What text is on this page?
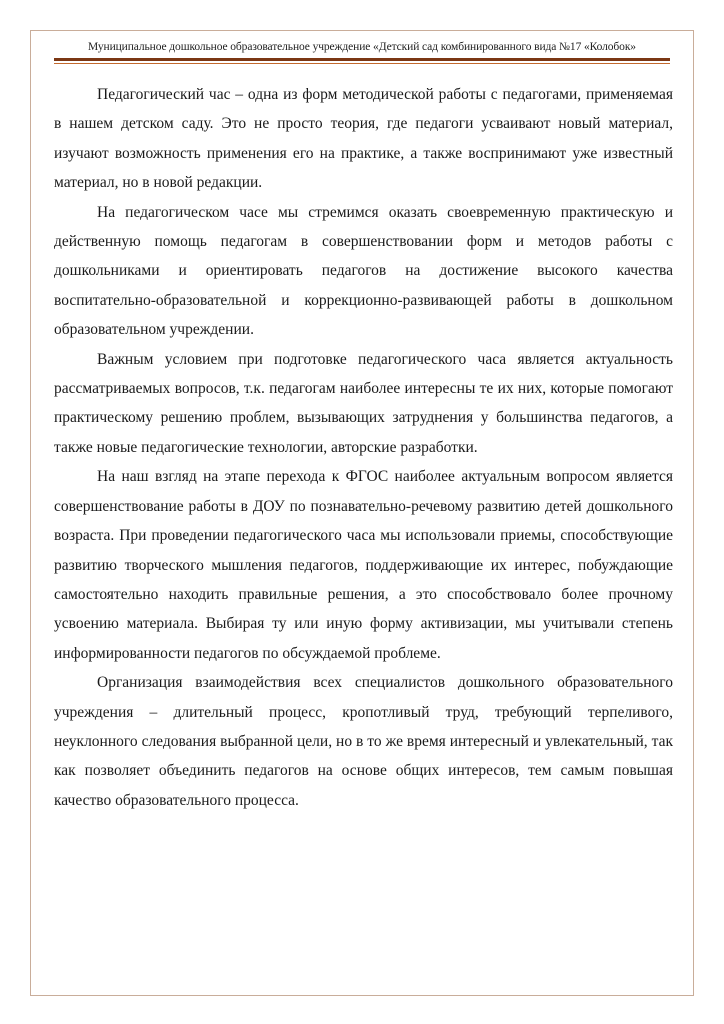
Муниципальное дошкольное образовательное учреждение «Детский сад комбинированного вида №17 «Колобок»

Педагогический час – одна из форм методической работы с педагогами, применяемая в нашем детском саду. Это не просто теория, где педагоги усваивают новый материал, изучают возможность применения его на практике, а также воспринимают уже известный материал, но в новой редакции.

На педагогическом часе мы стремимся оказать своевременную практическую и действенную помощь педагогам в совершенствовании форм и методов работы с дошкольниками и ориентировать педагогов на достижение высокого качества воспитательно-образовательной и коррекционно-развивающей работы в дошкольном образовательном учреждении.

Важным условием при подготовке педагогического часа является актуальность рассматриваемых вопросов, т.к. педагогам наиболее интересны те их них, которые помогают практическому решению проблем, вызывающих затруднения у большинства педагогов, а также новые педагогические технологии, авторские разработки.

На наш взгляд на этапе перехода к ФГОС наиболее актуальным вопросом является совершенствование работы в ДОУ по познавательно-речевому развитию детей дошкольного возраста. При проведении педагогического часа мы использовали приемы, способствующие развитию творческого мышления педагогов, поддерживающие их интерес, побуждающие самостоятельно находить правильные решения, а это способствовало более прочному усвоению материала. Выбирая ту или иную форму активизации, мы учитывали степень информированности педагогов по обсуждаемой проблеме.

Организация взаимодействия всех специалистов дошкольного образовательного учреждения – длительный процесс, кропотливый труд, требующий терпеливого, неуклонного следования выбранной цели, но в то же время интересный и увлекательный, так как позволяет объединить педагогов на основе общих интересов, тем самым повышая качество образовательного процесса.
